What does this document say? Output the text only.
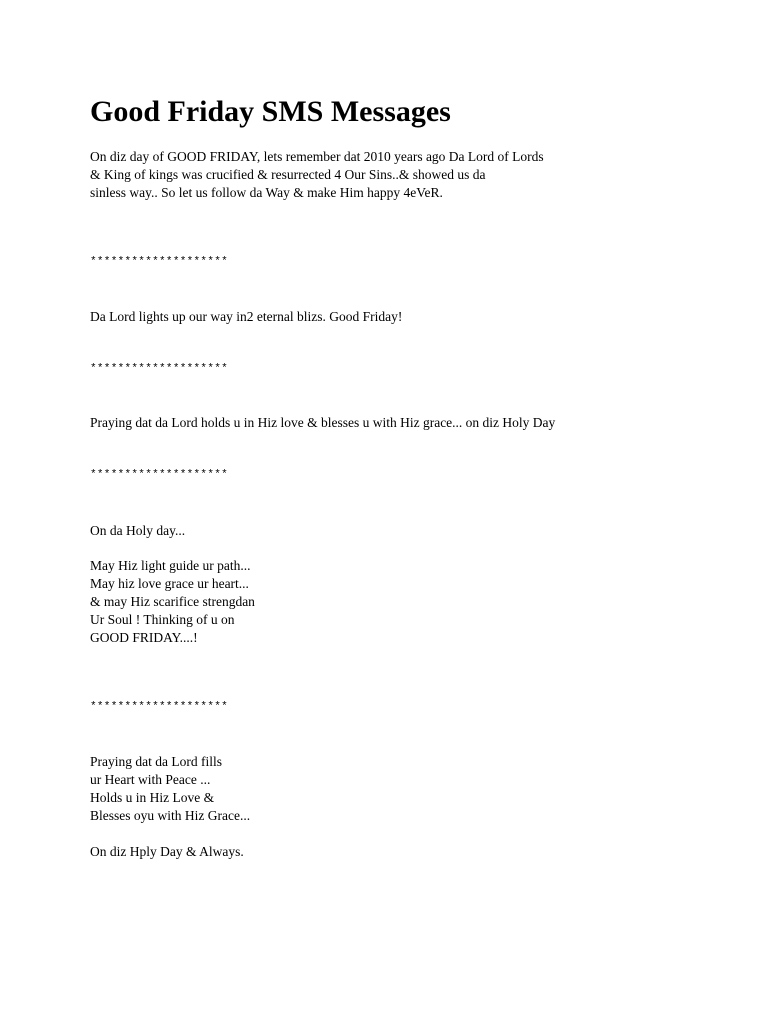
Good Friday SMS Messages

On diz day of GOOD FRIDAY, lets remember dat 2010 years ago Da Lord of Lords

& King of kings was crucified & resurrected 4 Our Sins..& showed us da

sinless way.. So let us follow da Way & make Him happy 4eVeR.

********************

Da Lord lights up our way in2 eternal blizs. Good Friday!

********************

Praying dat da Lord holds u in Hiz love & blesses u with Hiz grace... on diz Holy Day

********************

On da Holy day...

May Hiz light guide ur path...

May hiz love grace ur heart...

& may Hiz scarifice strengdan

Ur Soul ! Thinking of u on

GOOD FRIDAY....!

********************

Praying dat da Lord fills

ur Heart with Peace ...

Holds u in Hiz Love &

Blesses oyu with Hiz Grace...

On diz Hply Day & Always.
